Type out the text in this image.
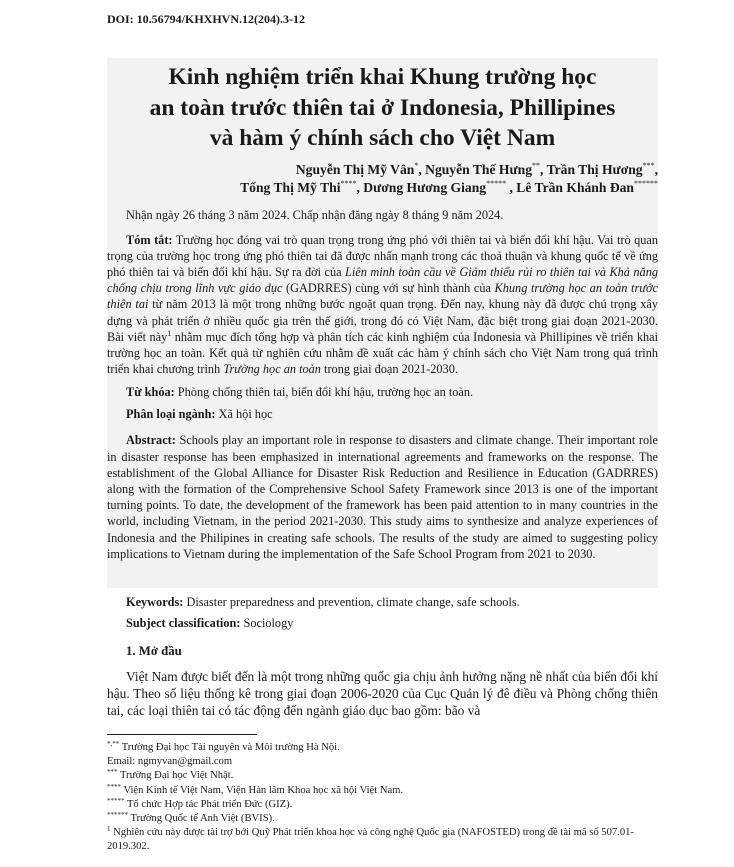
DOI: 10.56794/KHXHVN.12(204).3-12
Kinh nghiệm triển khai Khung trường học
an toàn trước thiên tai ở Indonesia, Phillipines
và hàm ý chính sách cho Việt Nam
Nguyễn Thị Mỹ Vân*, Nguyễn Thế Hưng**, Trần Thị Hương***,
Tống Thị Mỹ Thi****, Dương Hương Giang***** , Lê Trần Khánh Đan******
Nhận ngày 26 tháng 3 năm 2024. Chấp nhận đăng ngày 8 tháng 9 năm 2024.

Tóm tắt: Trường học đóng vai trò quan trọng trong ứng phó với thiên tai và biến đổi khí hậu. Vai trò quan trọng của trường học trong ứng phó thiên tai đã được nhấn mạnh trong các thoả thuận và khung quốc tế về ứng phó thiên tai và biến đổi khí hậu. Sự ra đời của Liên minh toàn cầu về Giảm thiểu rủi ro thiên tai và Khả năng chống chịu trong lĩnh vực giáo dục (GADRRES) cùng với sự hình thành của Khung trường học an toàn trước thiên tai từ năm 2013 là một trong những bước ngoặt quan trọng. Đến nay, khung này đã được chú trọng xây dựng và phát triển ở nhiều quốc gia trên thế giới, trong đó có Việt Nam, đặc biệt trong giai đoạn 2021-2030. Bài viết này$^1$ nhằm mục đích tổng hợp và phân tích các kinh nghiệm của Indonesia và Phillipines về triển khai trường học an toàn. Kết quả từ nghiên cứu nhằm đề xuất các hàm ý chính sách cho Việt Nam trong quá trình triển khai chương trình Trường học an toàn trong giai đoạn 2021-2030.

Từ khóa: Phòng chống thiên tai, biến đổi khí hậu, trường học an toàn.
Phân loại ngành: Xã hội học

Abstract: Schools play an important role in response to disasters and climate change. Their important role in disaster response has been emphasized in international agreements and frameworks on the response. The establishment of the Global Alliance for Disaster Risk Reduction and Resilience in Education (GADRRES) along with the formation of the Comprehensive School Safety Framework since 2013 is one of the important turning points. To date, the development of the framework has been paid attention to in many countries in the world, including Vietnam, in the period 2021-2030. This study aims to synthesize and analyze experiences of Indonesia and the Philipines in creating safe schools. The results of the study are aimed to suggesting policy implications to Vietnam during the implementation of the Safe School Program from 2021 to 2030.

Keywords: Disaster preparedness and prevention, climate change, safe schools.
Subject classification: Sociology
1. Mở đầu

Việt Nam được biết đến là một trong những quốc gia chịu ảnh hưởng nặng nề nhất của biến đổi khí hậu. Theo số liệu thống kê trong giai đoạn 2006-2020 của Cục Quản lý đê điều và Phòng chống thiên tai, các loại thiên tai có tác động đến ngành giáo dục bao gồm: bão và

*,** Trường Đại học Tài nguyên và Môi trường Hà Nội.
Email: ngmyvan@gmail.com
*** Trường Đại học Việt Nhật.
**** Viện Kinh tế Việt Nam, Viện Hàn lâm Khoa học xã hội Việt Nam.
***** Tổ chức Hợp tác Phát triển Đức (GIZ).
****** Trường Quốc tế Anh Việt (BVIS).
$^1$ Nghiên cứu này được tài trợ bởi Quỹ Phát triển khoa học và công nghệ Quốc gia (NAFOSTED) trong đề tài mã số 507.01-2019.302.
